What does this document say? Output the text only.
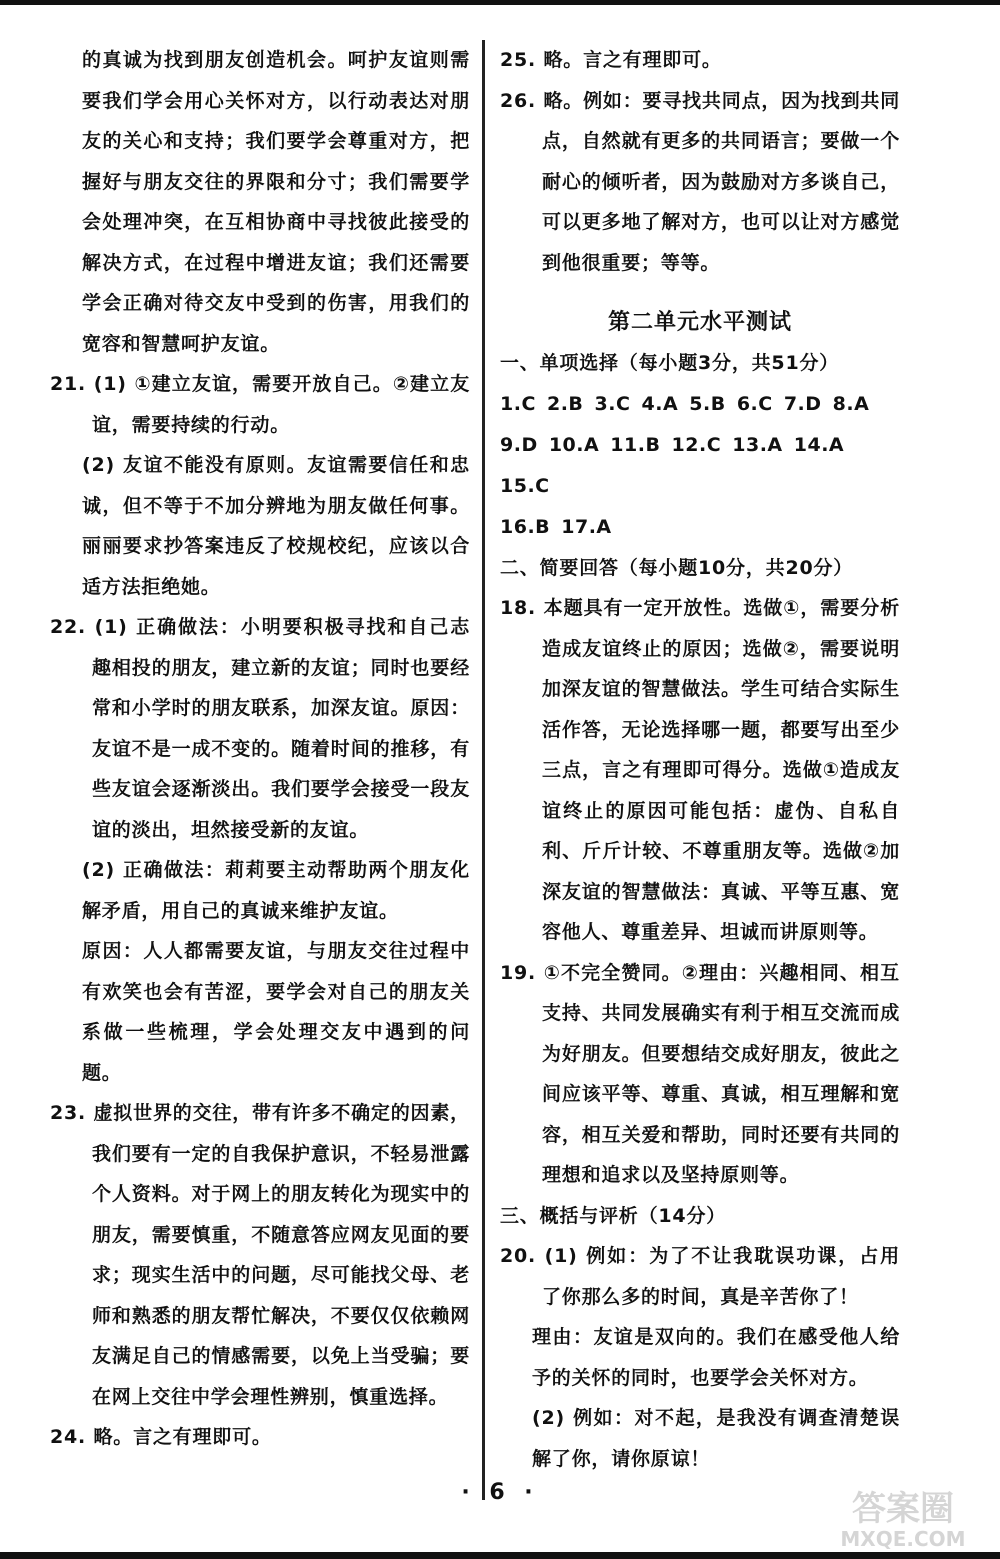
的真诚为找到朋友创造机会。呵护友谊则需要我们学会用心关怀对方，以行动表达对朋友的关心和支持；我们要学会尊重对方，把握好与朋友交往的界限和分寸；我们需要学会处理冲突，在互相协商中寻找彼此接受的解决方式，在过程中增进友谊；我们还需要学会正确对待交友中受到的伤害，用我们的宽容和智慧呵护友谊。

21. (1) ①建立友谊，需要开放自己。②建立友谊，需要持续的行动。

(2) 友谊不能没有原则。友谊需要信任和忠诚，但不等于不加分辨地为朋友做任何事。丽丽要求抄答案违反了校规校纪，应该以合适方法拒绝她。

22. (1) 正确做法：小明要积极寻找和自己志趣相投的朋友，建立新的友谊；同时也要经常和小学时的朋友联系，加深友谊。原因：友谊不是一成不变的。随着时间的推移，有些友谊会逐渐淡出。我们要学会接受一段友谊的淡出，坦然接受新的友谊。

(2) 正确做法：莉莉要主动帮助两个朋友化解矛盾，用自己的真诚来维护友谊。

原因：人人都需要友谊，与朋友交往过程中有欢笑也会有苦涩，要学会对自己的朋友关系做一些梳理，学会处理交友中遇到的问题。

23. 虚拟世界的交往，带有许多不确定的因素，我们要有一定的自我保护意识，不轻易泄露个人资料。对于网上的朋友转化为现实中的朋友，需要慎重，不随意答应网友见面的要求；现实生活中的问题，尽可能找父母、老师和熟悉的朋友帮忙解决，不要仅仅依赖网友满足自己的情感需要，以免上当受骗；要在网上交往中学会理性辨别，慎重选择。

24. 略。言之有理即可。

25. 略。言之有理即可。

26. 略。例如：要寻找共同点，因为找到共同点，自然就有更多的共同语言；要做一个耐心的倾听者，因为鼓励对方多谈自己，可以更多地了解对方，也可以让对方感觉到他很重要；等等。

第二单元水平测试

一、单项选择（每小题3分，共51分）

1.C 2.B 3.C 4.A 5.B 6.C 7.D 8.A

9.D 10.A 11.B 12.C 13.A 14.A 15.C

16.B 17.A

二、简要回答（每小题10分，共20分）

18. 本题具有一定开放性。选做①，需要分析造成友谊终止的原因；选做②，需要说明加深友谊的智慧做法。学生可结合实际生活作答，无论选择哪一题，都要写出至少三点，言之有理即可得分。选做①造成友谊终止的原因可能包括：虚伪、自私自利、斤斤计较、不尊重朋友等。选做②加深友谊的智慧做法：真诚、平等互惠、宽容他人、尊重差异、坦诚而讲原则等。

19. ①不完全赞同。②理由：兴趣相同、相互支持、共同发展确实有利于相互交流而成为好朋友。但要想结交成好朋友，彼此之间应该平等、尊重、真诚，相互理解和宽容，相互关爱和帮助，同时还要有共同的理想和追求以及坚持原则等。

三、概括与评析（14分）

20. (1) 例如：为了不让我耽误功课，占用了你那么多的时间，真是辛苦你了！

理由：友谊是双向的。我们在感受他人给予的关怀的同时，也要学会关怀对方。

(2) 例如：对不起，是我没有调查清楚误解了你，请你原谅！

· 6 ·	答案圈
MXQE.COM
